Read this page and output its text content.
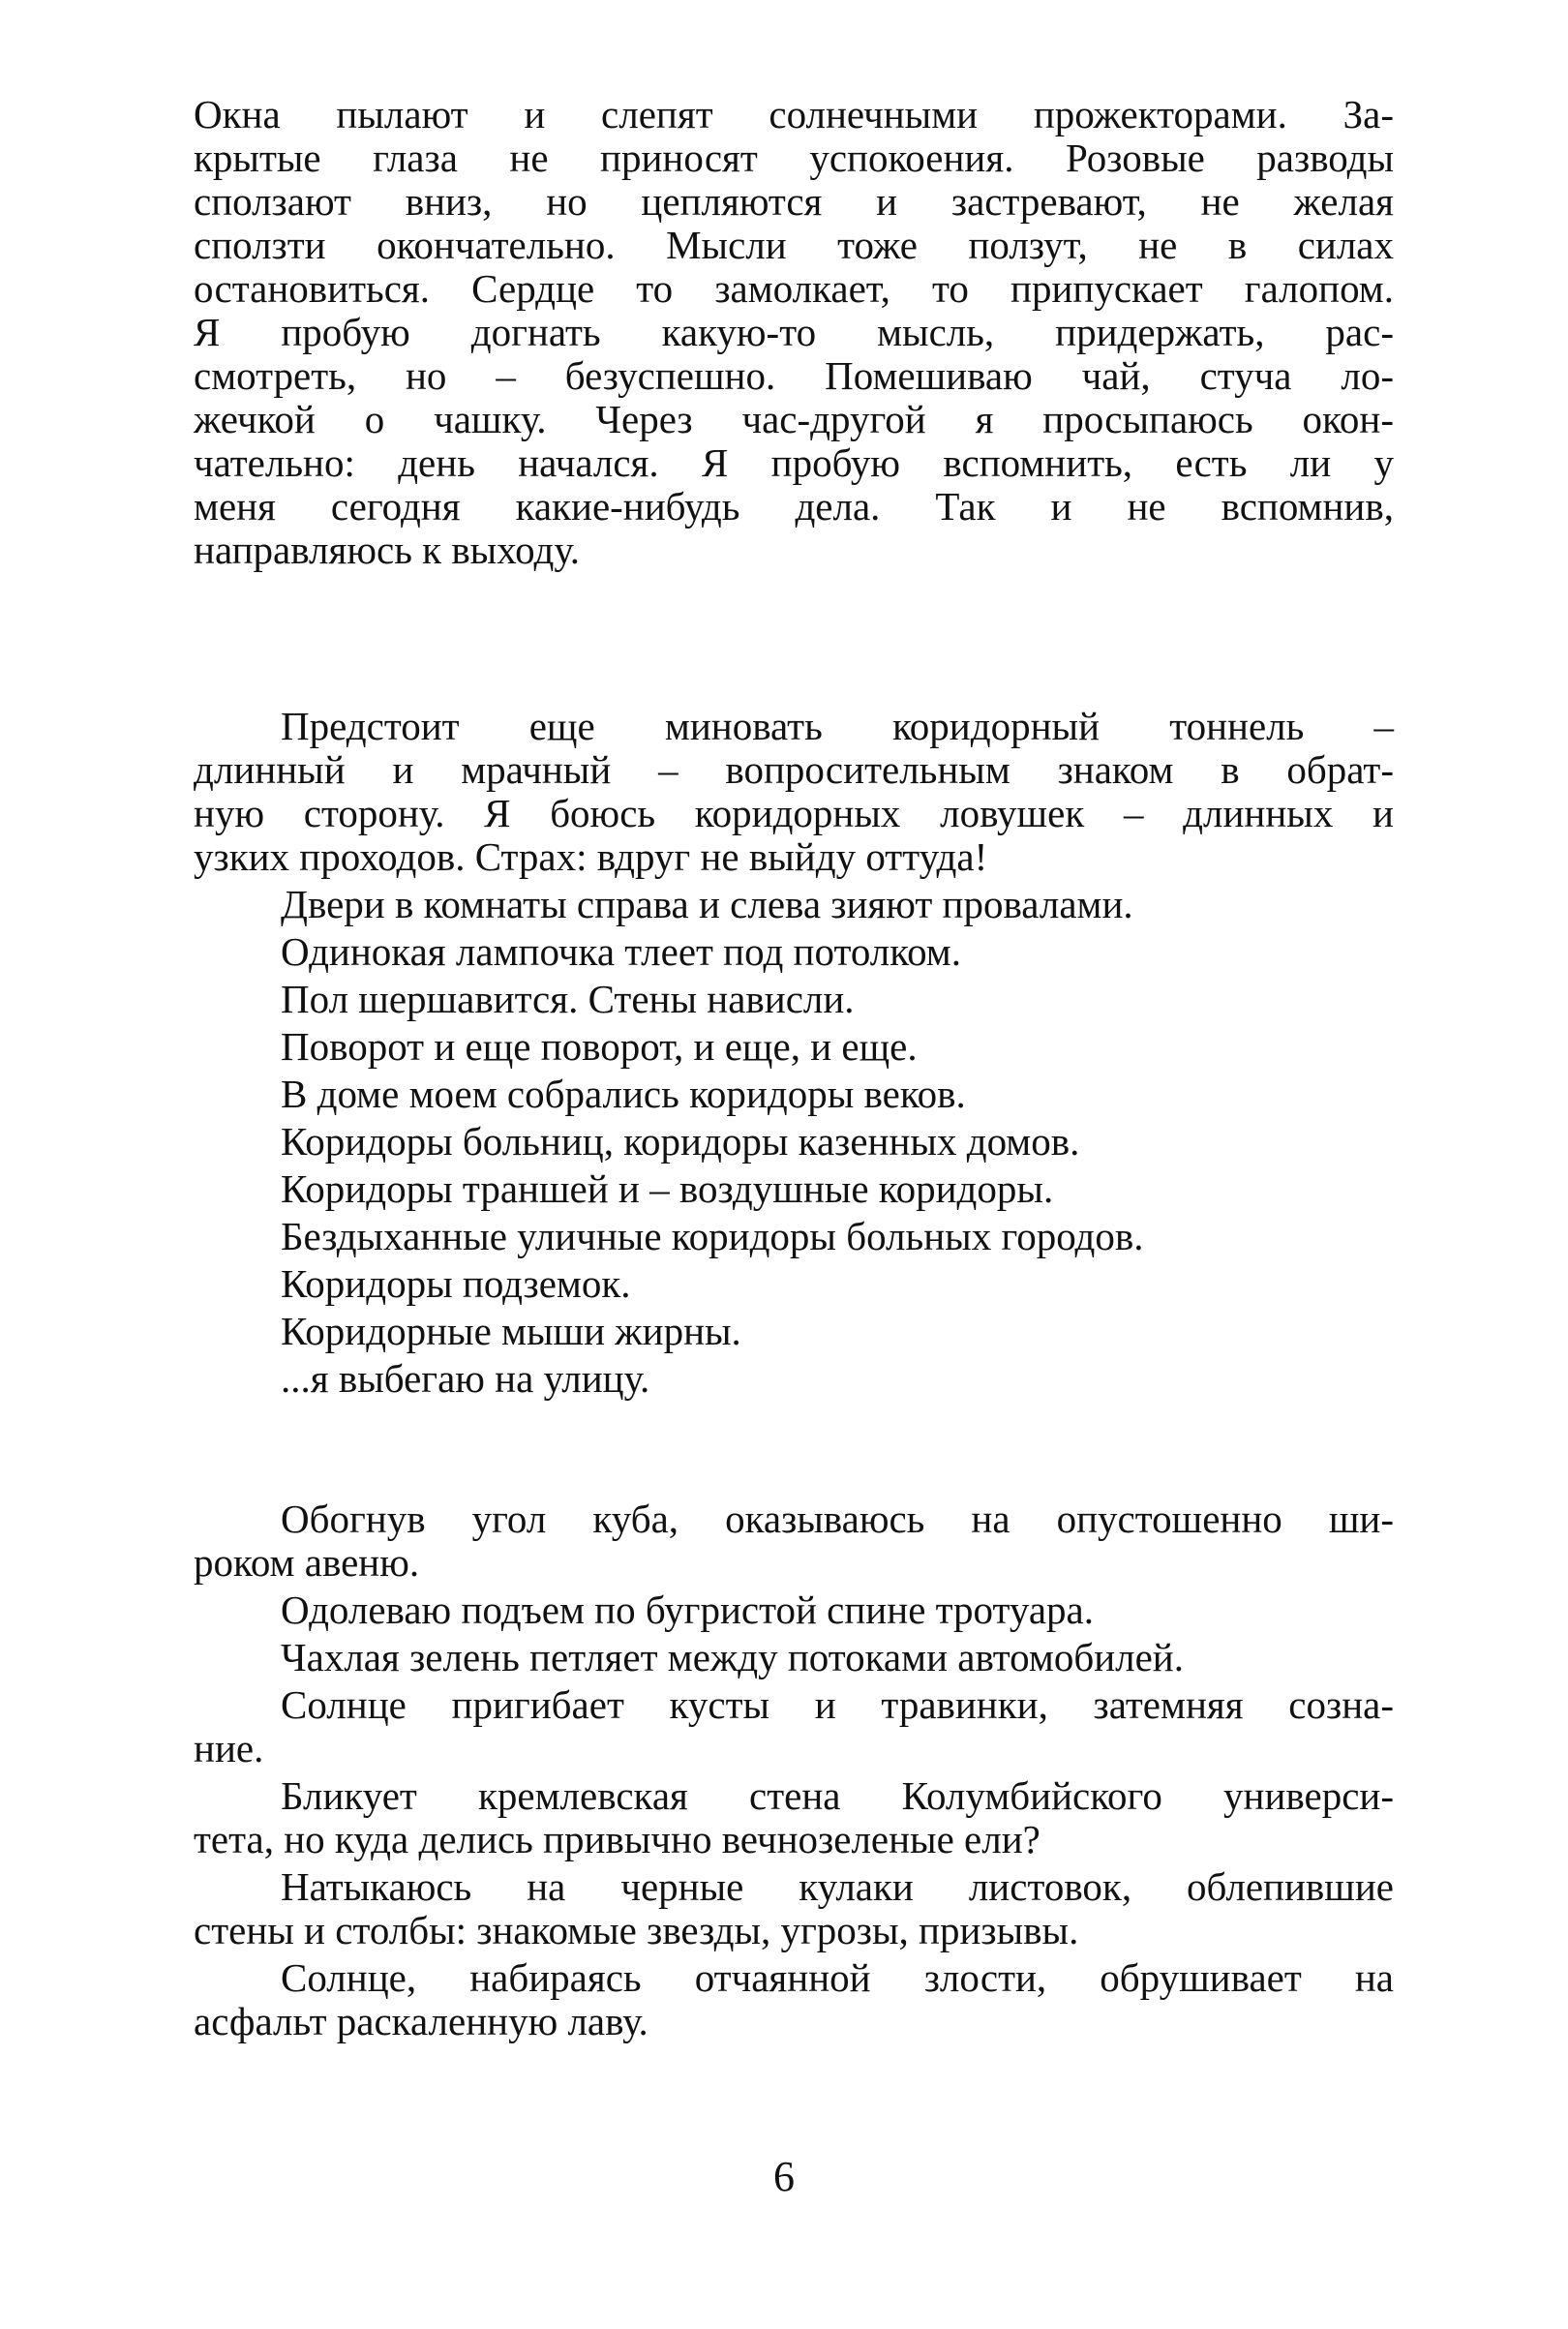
Окна пылают и слепят солнечными прожекторами. За-
крытые глаза не приносят успокоения. Розовые разводы
сползают вниз, но цепляются и застревают, не желая
сползти окончательно. Мысли тоже ползут, не в силах
остановиться. Сердце то замолкает, то припускает галопом.
Я пробую догнать какую-то мысль, придержать, рас-
смотреть, но – безуспешно. Помешиваю чай, стуча ло-
жечкой о чашку. Через час-другой я просыпаюсь окон-
чательно: день начался. Я пробую вспомнить, есть ли у
меня сегодня какие-нибудь дела. Так и не вспомнив,
направляюсь к выходу.
Предстоит еще миновать коридорный тоннель –
длинный и мрачный – вопросительным знаком в обрат-
ную сторону. Я боюсь коридорных ловушек – длинных и
узких проходов. Страх: вдруг не выйду оттуда!
Двери в комнаты справа и слева зияют провалами.
Одинокая лампочка тлеет под потолком.
Пол шершавится. Стены нависли.
Поворот и еще поворот, и еще, и еще.
В доме моем собрались коридоры веков.
Коридоры больниц, коридоры казенных домов.
Коридоры траншей и – воздушные коридоры.
Бездыханные уличные коридоры больных городов.
Коридоры подземок.
Коридорные мыши жирны.
...я выбегаю на улицу.
Обогнув угол куба, оказываюсь на опустошенно ши-
роком авеню.
Одолеваю подъем по бугристой спине тротуара.
Чахлая зелень петляет между потоками автомобилей.
Солнце пригибает кусты и травинки, затемняя созна-
ние.
Бликует кремлевская стена Колумбийского универси-
тета, но куда делись привычно вечнозеленые ели?
Натыкаюсь на черные кулаки листовок, облепившие
стены и столбы: знакомые звезды, угрозы, призывы.
Солнце, набираясь отчаянной злости, обрушивает на
асфальт раскаленную лаву.
6
